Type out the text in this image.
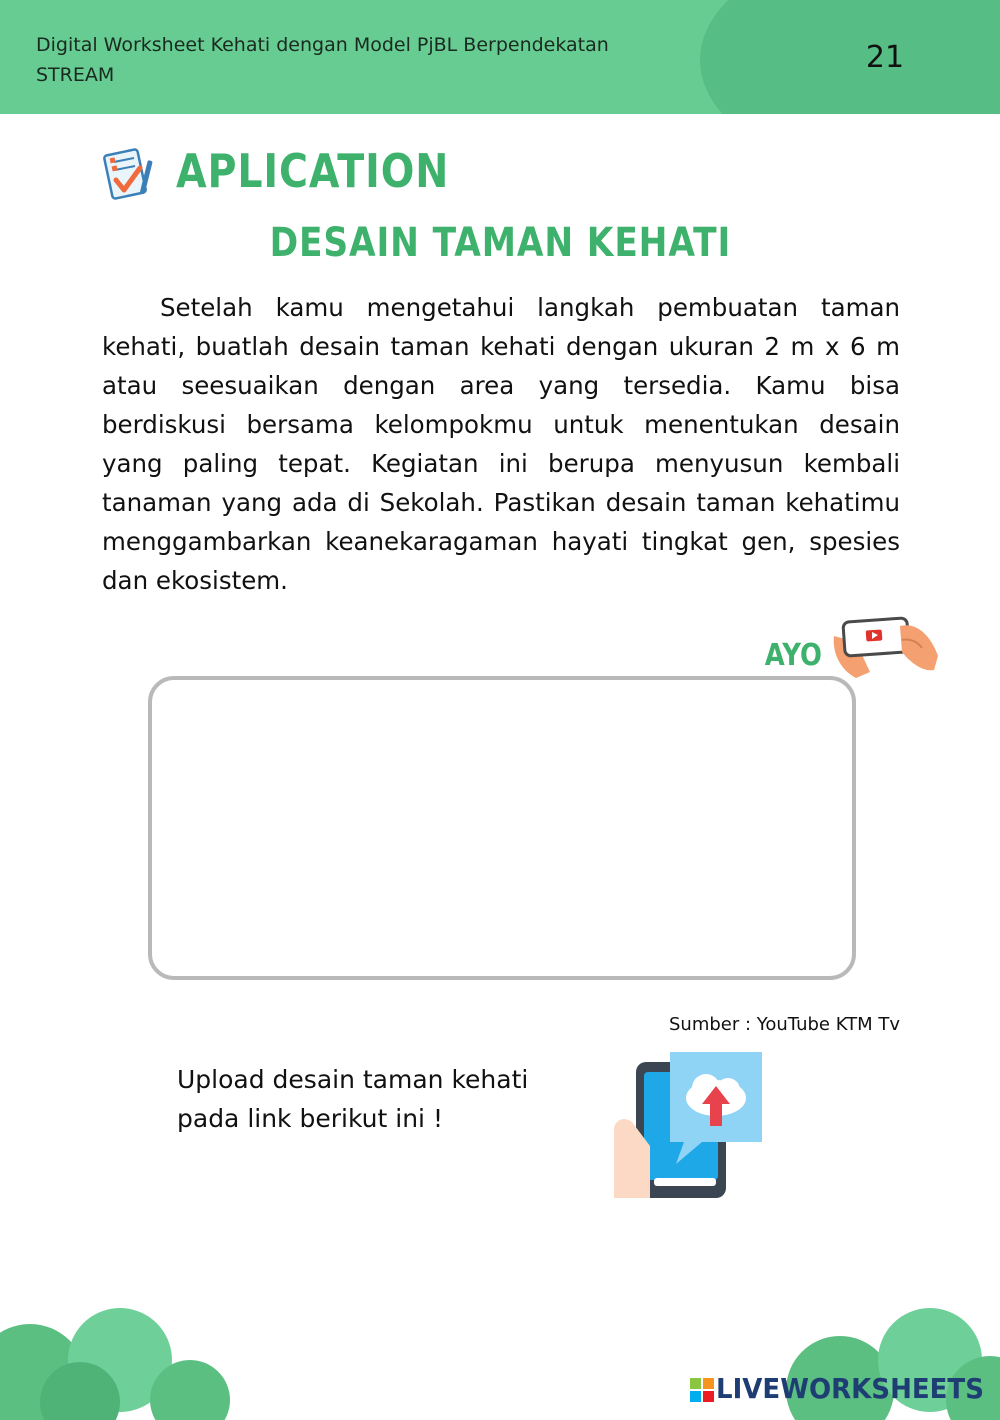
Digital Worksheet Kehati dengan Model PjBL Berpendekatan
STREAM	21
APLICATION
DESAIN TAMAN KEHATI

Setelah kamu mengetahui langkah pembuatan taman kehati, buatlah desain taman kehati dengan ukuran 2 m x 6 m atau seesuaikan dengan area yang tersedia. Kamu bisa berdiskusi bersama kelompokmu untuk menentukan desain yang paling tepat. Kegiatan ini berupa menyusun kembali tanaman yang ada di Sekolah. Pastikan desain taman kehatimu menggambarkan keanekaragaman hayati tingkat gen, spesies dan ekosistem.

AYO
Sumber : YouTube KTM Tv
Upload desain taman kehati
pada link berikut ini !
LIVEWORKSHEETS
